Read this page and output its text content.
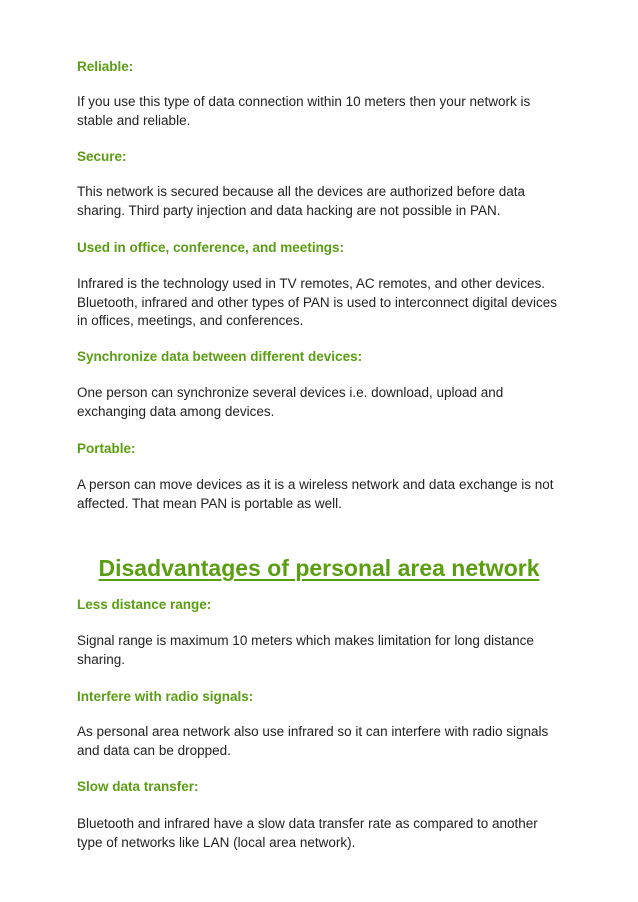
Reliable:

If you use this type of data connection within 10 meters then your network is stable and reliable.

Secure:

This network is secured because all the devices are authorized before data sharing. Third party injection and data hacking are not possible in PAN.

Used in office, conference, and meetings:

Infrared is the technology used in TV remotes, AC remotes, and other devices. Bluetooth, infrared and other types of PAN is used to interconnect digital devices in offices, meetings, and conferences.

Synchronize data between different devices:

One person can synchronize several devices i.e. download, upload and exchanging data among devices.

Portable:

A person can move devices as it is a wireless network and data exchange is not affected. That mean PAN is portable as well.

Disadvantages of personal area network
Less distance range:

Signal range is maximum 10 meters which makes limitation for long distance sharing.

Interfere with radio signals:

As personal area network also use infrared so it can interfere with radio signals and data can be dropped.

Slow data transfer:

Bluetooth and infrared have a slow data transfer rate as compared to another type of networks like LAN (local area network).
